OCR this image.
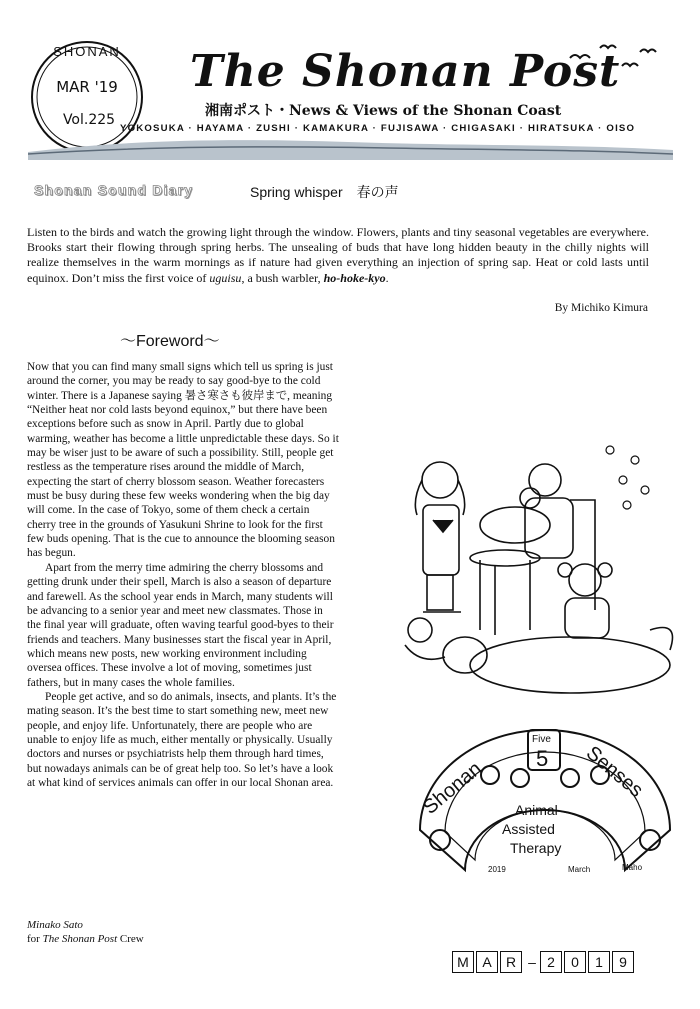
SHONAN
MAR '19
Vol.225
The Shonan Post
湘南ポスト・News & Views of the Shonan Coast
YOKOSUKA · HAYAMA · ZUSHI · KAMAKURA · FUJISAWA · CHIGASAKI · HIRATSUKA · OISO
Shonan Sound Diary	Spring whisper　春の声
Listen to the birds and watch the growing light through the window. Flowers, plants and tiny seasonal vegetables are everywhere. Brooks start their flowing through spring herbs. The unsealing of buds that have long hidden beauty in the chilly nights will realize themselves in the warm mornings as if nature had given everything an injection of spring sap. Heat or cold lasts until equinox. Don’t miss the first voice of uguisu, a bush warbler, ho-hoke-kyo.
By Michiko Kimura
～Foreword～

Now that you can find many small signs which tell us spring is just around the corner, you may be ready to say good-bye to the cold winter. There is a Japanese saying 暑さ寒さも彼岸まで, meaning “Neither heat nor cold lasts beyond equinox,” but there have been exceptions before such as snow in April. Partly due to global warming, weather has become a little unpredictable these days. So it may be wiser just to be aware of such a possibility. Still, people get restless as the temperature rises around the middle of March, expecting the start of cherry blossom season. Weather forecasters must be busy during these few weeks wondering when the big day will come. In the case of Tokyo, some of them check a certain cherry tree in the grounds of Yasukuni Shrine to look for the first few buds opening. That is the cue to announce the blooming season has begun.

Apart from the merry time admiring the cherry blossoms and getting drunk under their spell, March is also a season of departure and farewell. As the school year ends in March, many students will be advancing to a senior year and meet new classmates. Those in the final year will graduate, often waving tearful good-byes to their friends and teachers. Many businesses start the fiscal year in April, which means new posts, new working environment including oversea offices. These involve a lot of moving, sometimes just fathers, but in many cases the whole families.

People get active, and so do animals, insects, and plants. It’s the mating season. It’s the best time to start something new, meet new people, and enjoy life. Unfortunately, there are people who are unable to enjoy life as much, either mentally or physically. Usually doctors and nurses or psychiatrists help them through hard times, but nowadays animals can be of great help too. So let’s have a look at what kind of services animals can offer in our local Shonan area.

Minako Sato
for The Shonan Post Crew
Shonan
Five
5 Senses
Animal
Assisted
Therapy
2019	March	Maho
M A	R – 2	0	1	9
